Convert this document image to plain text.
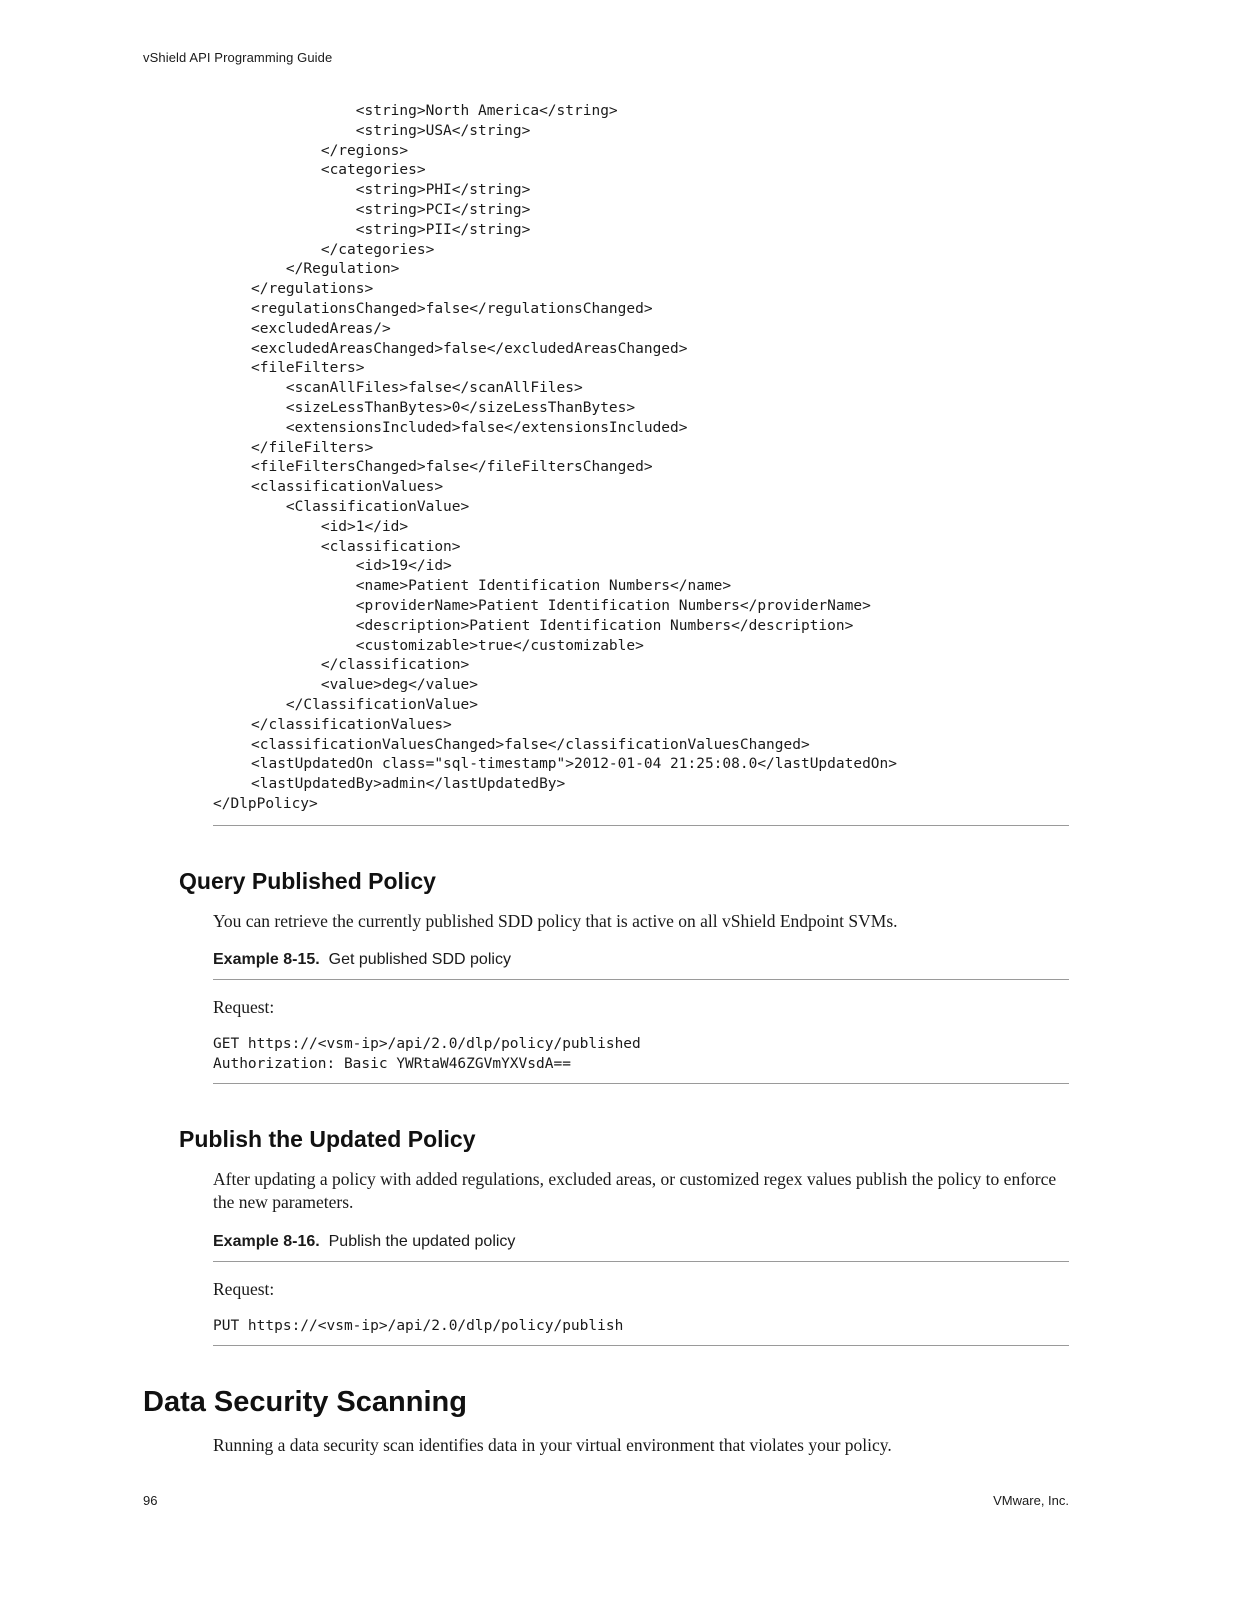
vShield API Programming Guide
<string>North America</string>
<string>USA</string>
</regions>
<categories>
<string>PHI</string>
<string>PCI</string>
<string>PII</string>
</categories>
</Regulation>
</regulations>
<regulationsChanged>false</regulationsChanged>
<excludedAreas/>
<excludedAreasChanged>false</excludedAreasChanged>
<fileFilters>
<scanAllFiles>false</scanAllFiles>
<sizeLessThanBytes>0</sizeLessThanBytes>
<extensionsIncluded>false</extensionsIncluded>
</fileFilters>
<fileFiltersChanged>false</fileFiltersChanged>
<classificationValues>
<ClassificationValue>
<id>1</id>
<classification>
<id>19</id>
<name>Patient Identification Numbers</name>
<providerName>Patient Identification Numbers</providerName>
<description>Patient Identification Numbers</description>
<customizable>true</customizable>
</classification>
<value>deg</value>
</ClassificationValue>
</classificationValues>
<classificationValuesChanged>false</classificationValuesChanged>
<lastUpdatedOn class="sql-timestamp">2012-01-04 21:25:08.0</lastUpdatedOn>
<lastUpdatedBy>admin</lastUpdatedBy>
</DlpPolicy>
Query Published Policy

You can retrieve the currently published SDD policy that is active on all vShield Endpoint SVMs.

Example 8-15. Get published SDD policy

Request:

GET https://<vsm-ip>/api/2.0/dlp/policy/published
Authorization: Basic YWRtaW46ZGVmYXVsdA==
Publish the Updated Policy

After updating a policy with added regulations, excluded areas, or customized regex values publish the policy to enforce the new parameters.

Example 8-16. Publish the updated policy

Request:

PUT https://<vsm-ip>/api/2.0/dlp/policy/publish
Data Security Scanning

Running a data security scan identifies data in your virtual environment that violates your policy.

96	VMware, Inc.
